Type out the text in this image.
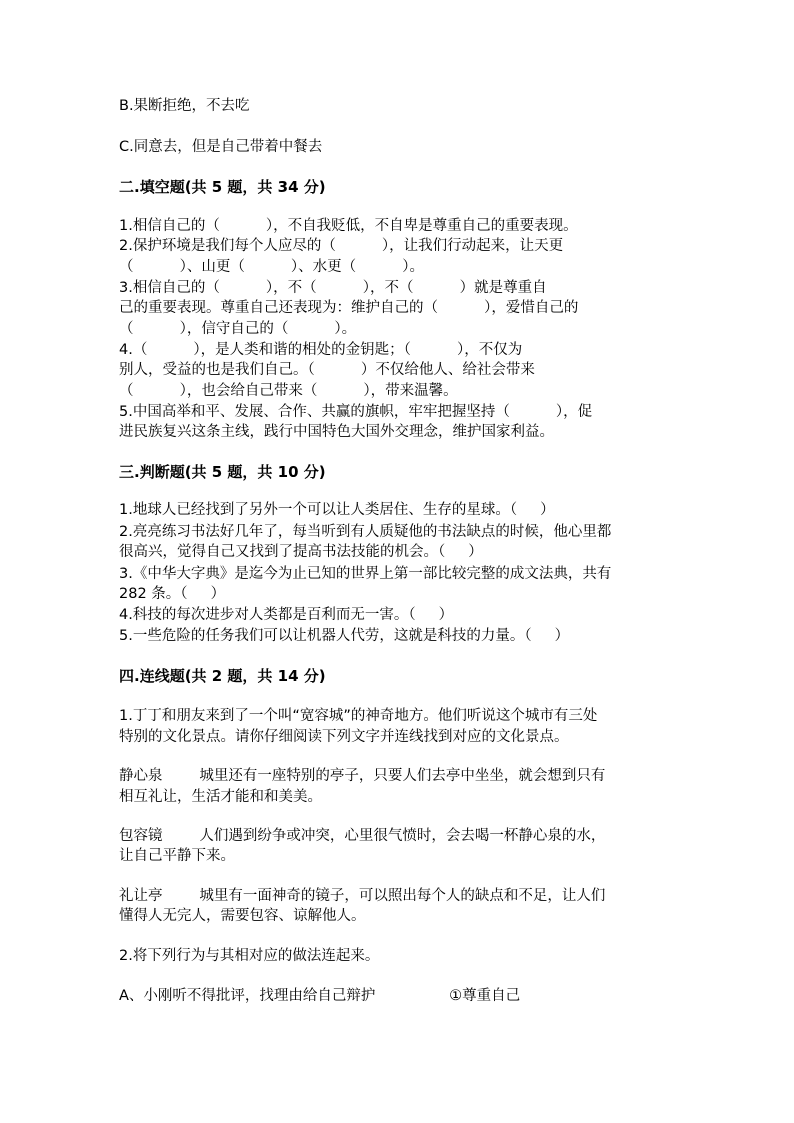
B.果断拒绝，不去吃
C.同意去，但是自己带着中餐去
二.填空题(共 5 题，共 34 分)
1.相信自己的（          ），不自我贬低，不自卑是尊重自己的重要表现。
2.保护环境是我们每个人应尽的（          ），让我们行动起来，让天更
（          ）、山更（          ）、水更（          ）。
3.相信自己的（          ），不（          ），不（          ）就是尊重自
己的重要表现。尊重自己还表现为：维护自己的（          ），爱惜自己的
（          ），信守自己的（          ）。
4.（          ），是人类和谐的相处的金钥匙；（          ），不仅为
别人，受益的也是我们自己。（          ）不仅给他人、给社会带来
（          ），也会给自己带来（          ），带来温馨。
5.中国高举和平、发展、合作、共赢的旗帜，牢牢把握坚持（          ），促
进民族复兴这条主线，践行中国特色大国外交理念，维护国家利益。
三.判断题(共 5 题，共 10 分)
1.地球人已经找到了另外一个可以让人类居住、生存的星球。（     ）
2.亮亮练习书法好几年了，每当听到有人质疑他的书法缺点的时候，他心里都
很高兴，觉得自己又找到了提高书法技能的机会。（     ）
3.《中华大字典》是迄今为止已知的世界上第一部比较完整的成文法典，共有
282 条。（     ）
4.科技的每次进步对人类都是百利而无一害。（     ）
5.一些危险的任务我们可以让机器人代劳，这就是科技的力量。（     ）
四.连线题(共 2 题，共 14 分)
1.丁丁和朋友来到了一个叫“宽容城”的神奇地方。他们听说这个城市有三处
特别的文化景点。请你仔细阅读下列文字并连线找到对应的文化景点。
静心泉        城里还有一座特别的亭子，只要人们去亭中坐坐，就会想到只有
相互礼让，生活才能和和美美。
包容镜        人们遇到纷争或冲突，心里很气愤时，会去喝一杯静心泉的水，
让自己平静下来。
礼让亭        城里有一面神奇的镜子，可以照出每个人的缺点和不足，让人们
懂得人无完人，需要包容、谅解他人。
2.将下列行为与其相对应的做法连起来。
A、小刚听不得批评，找理由给自己辩护                ①尊重自己
